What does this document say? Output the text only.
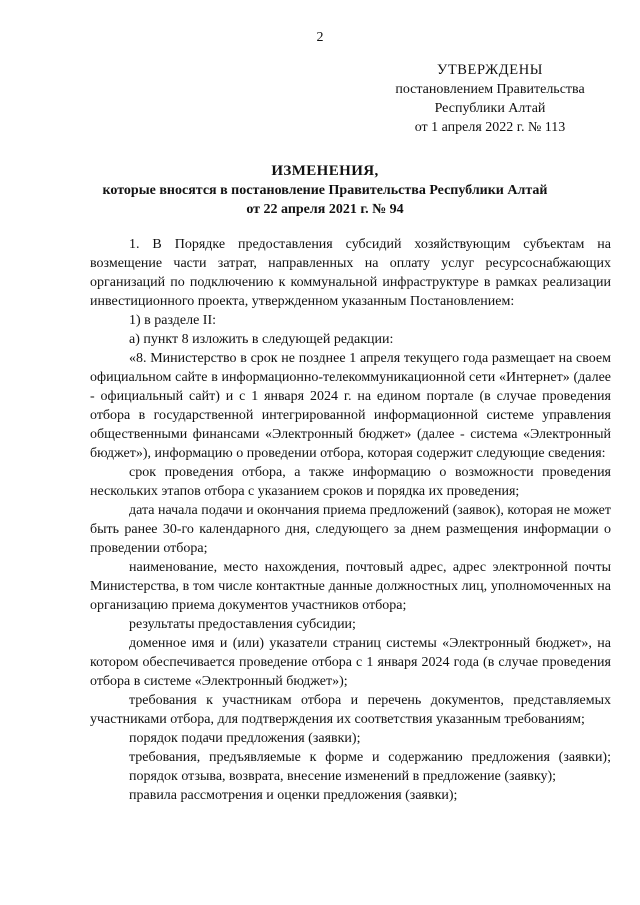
2
УТВЕРЖДЕНЫ
постановлением Правительства
Республики Алтай
от 1 апреля 2022 г. № 113
ИЗМЕНЕНИЯ,
которые вносятся в постановление Правительства Республики Алтай
от 22 апреля 2021 г. № 94

1. В Порядке предоставления субсидий хозяйствующим субъектам на возмещение части затрат, направленных на оплату услуг ресурсоснабжающих организаций по подключению к коммунальной инфраструктуре в рамках реализации инвестиционного проекта, утвержденном указанным Постановлением:

1) в разделе II:

а) пункт 8 изложить в следующей редакции:

«8. Министерство в срок не позднее 1 апреля текущего года размещает на своем официальном сайте в информационно-телекоммуникационной сети «Интернет» (далее - официальный сайт) и с 1 января 2024 г. на едином портале (в случае проведения отбора в государственной интегрированной информационной системе управления общественными финансами «Электронный бюджет» (далее - система «Электронный бюджет»), информацию о проведении отбора, которая содержит следующие сведения:

срок проведения отбора, а также информацию о возможности проведения нескольких этапов отбора с указанием сроков и порядка их проведения;

дата начала подачи и окончания приема предложений (заявок), которая не может быть ранее 30-го календарного дня, следующего за днем размещения информации о проведении отбора;

наименование, место нахождения, почтовый адрес, адрес электронной почты Министерства, в том числе контактные данные должностных лиц, уполномоченных на организацию приема документов участников отбора;

результаты предоставления субсидии;

доменное имя и (или) указатели страниц системы «Электронный бюджет», на котором обеспечивается проведение отбора с 1 января 2024 года (в случае проведения отбора в системе «Электронный бюджет»);

требования к участникам отбора и перечень документов, представляемых участниками отбора, для подтверждения их соответствия указанным требованиям;

порядок подачи предложения (заявки);

требования, предъявляемые к форме и содержанию предложения (заявки);

порядок отзыва, возврата, внесение изменений в предложение (заявку);

правила рассмотрения и оценки предложения (заявки);
